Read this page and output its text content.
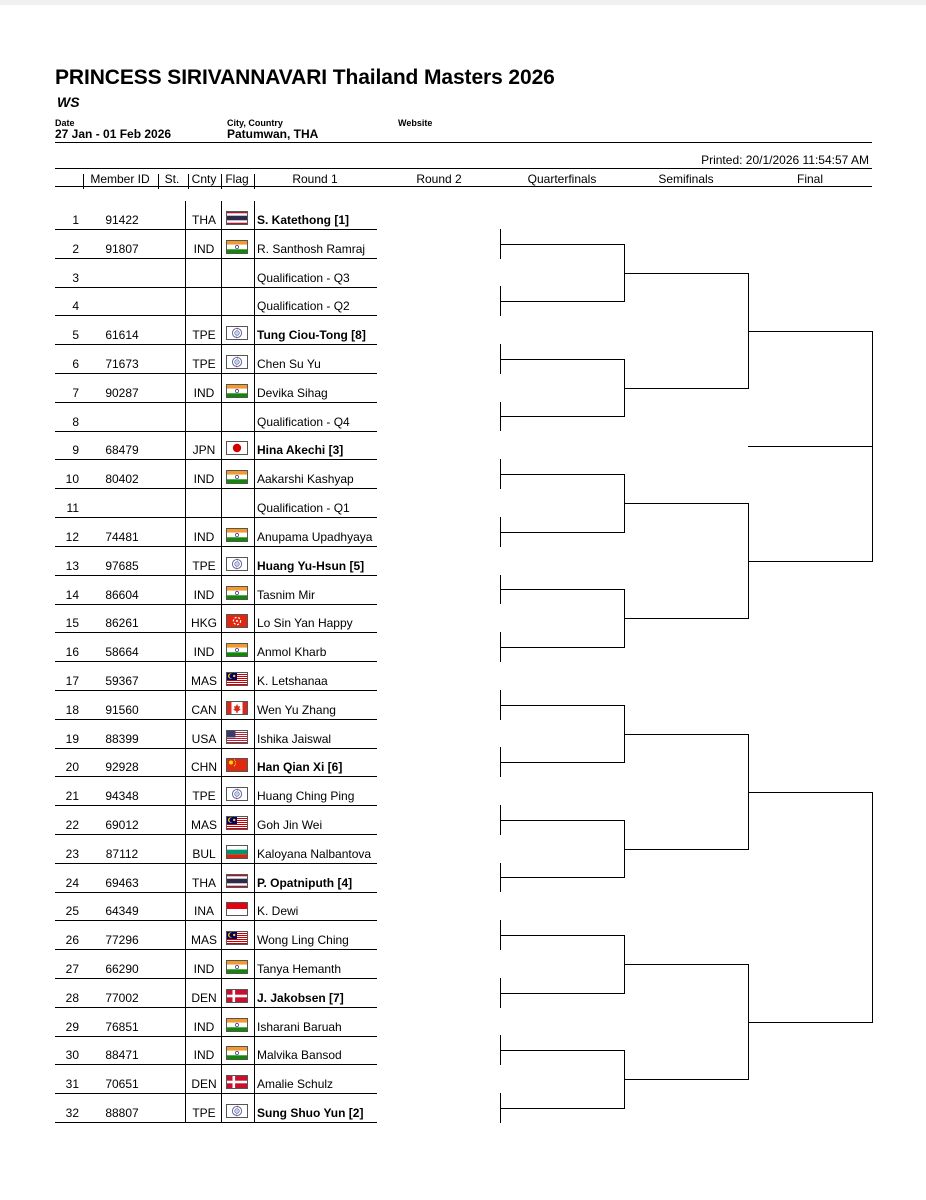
PRINCESS SIRIVANNAVARI Thailand Masters 2026
WS
Date
27 Jan - 01 Feb 2026
City, Country
Patumwan, THA
Website
Printed: 20/1/2026 11:54:57 AM
Member ID	St.	Cnty Flag	Round 1	Round 2	Quarterfinals	Semifinals	Final
1	91422	THA	S. Katethong [1]
2	91807	IND	R. Santhosh Ramraj
3	Qualification - Q3
4	Qualification - Q2
5	61614	TPE	Tung Ciou-Tong [8]
6	71673	TPE	Chen Su Yu
7	90287	IND	Devika Sihag
8	Qualification - Q4
9	68479	JPN	Hina Akechi [3]
10	80402	IND	Aakarshi Kashyap
11	Qualification - Q1
12	74481	IND	Anupama Upadhyaya
13	97685	TPE	Huang Yu-Hsun [5]
14	86604	IND	Tasnim Mir
15	86261	HKG	Lo Sin Yan Happy
16	58664	IND	Anmol Kharb
17	59367	MAS	K. Letshanaa
18	91560	CAN	Wen Yu Zhang
19	88399	USA	Ishika Jaiswal
20	92928	CHN	Han Qian Xi [6]
21	94348	TPE	Huang Ching Ping
22	69012	MAS	Goh Jin Wei
23	87112	BUL	Kaloyana Nalbantova
24	69463	THA	P. Opatniputh [4]
25	64349	INA	K. Dewi
26	77296	MAS	Wong Ling Ching
27	66290	IND	Tanya Hemanth
28	77002	DEN	J. Jakobsen [7]
29	76851	IND	Isharani Baruah
30	88471	IND	Malvika Bansod
31	70651	DEN	Amalie Schulz
32	88807	TPE	Sung Shuo Yun [2]
